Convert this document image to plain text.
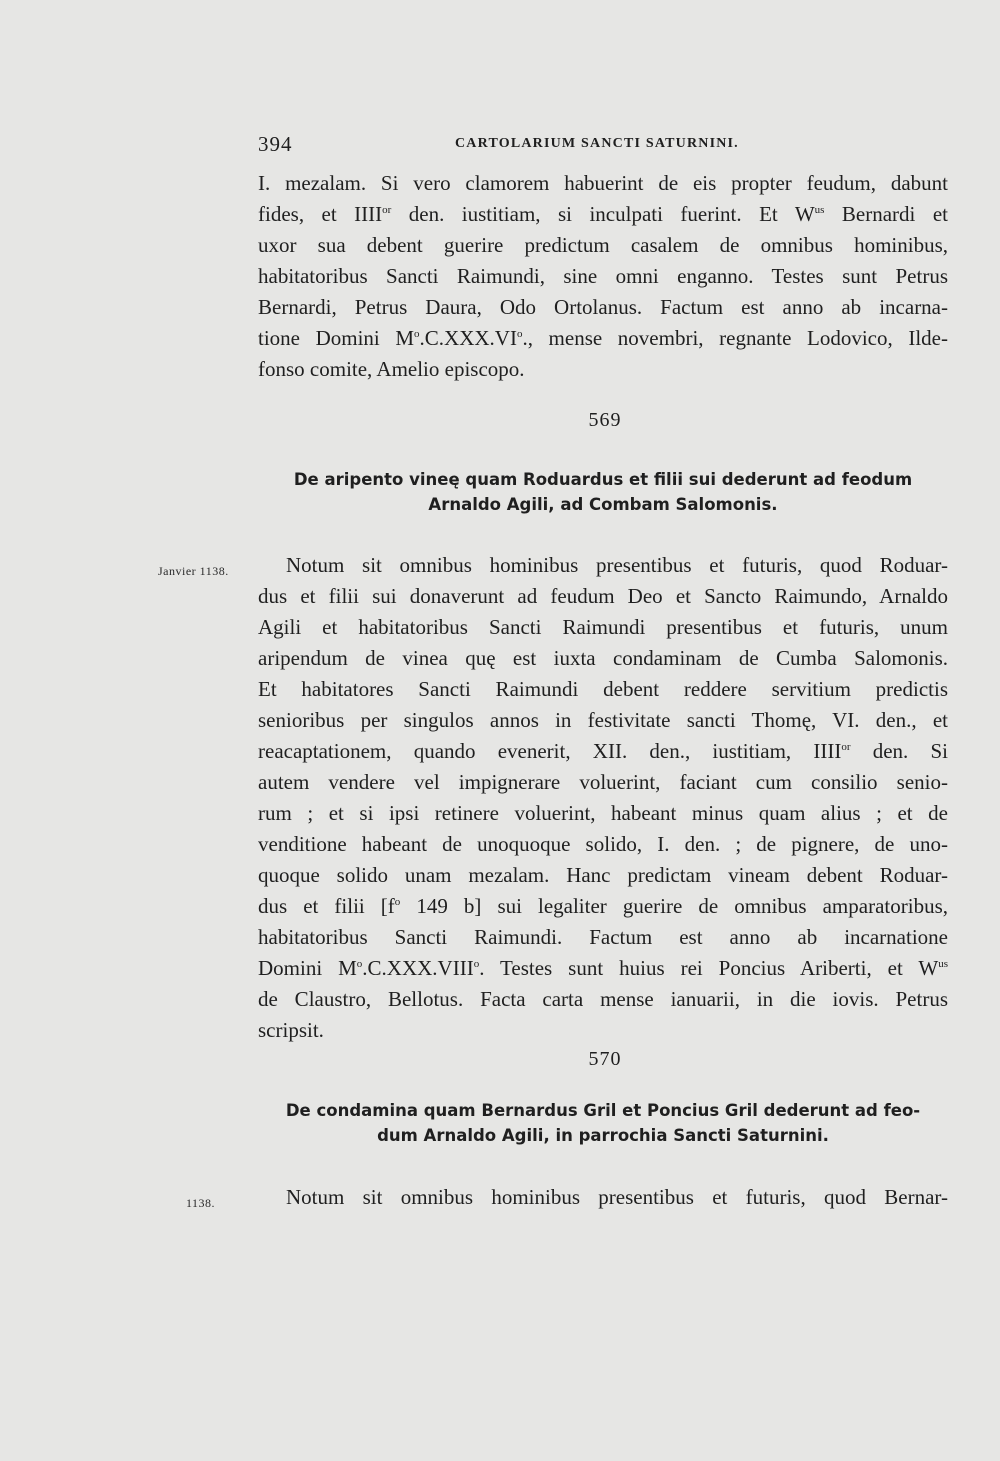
394	CARTOLARIUM SANCTI SATURNINI.
I. mezalam. Si vero clamorem habuerint de eis propter feudum, dabunt
fides, et $IIII^{or}$ den. iustitiam, si inculpati fuerint. Et $W^{us}$ Bernardi et
uxor sua debent guerire predictum casalem de omnibus hominibus,
habitatoribus Sancti Raimundi, sine omni enganno. Testes sunt Petrus
Bernardi, Petrus Daura, Odo Ortolanus. Factum est anno ab incarna-
tione Domini $M^o.C.XXX.VI^o$., mense novembri, regnante Lodovico, Ilde-
fonso comite, Amelio episcopo.
569
De aripento vineę quam Roduardus et filii sui dederunt ad feodum
Arnaldo Agili, ad Combam Salomonis.
Janvier 1138.	Notum sit omnibus hominibus presentibus et futuris, quod Roduar-
dus et filii sui donaverunt ad feudum Deo et Sancto Raimundo, Arnaldo
Agili et habitatoribus Sancti Raimundi presentibus et futuris, unum
aripendum de vinea quę est iuxta condaminam de Cumba Salomonis.
Et habitatores Sancti Raimundi debent reddere servitium predictis
senioribus per singulos annos in festivitate sancti Thomę, VI. den., et
reacaptationem, quando evenerit, XII. den., iustitiam, $IIII^{or}$ den. Si
autem vendere vel impignerare voluerint, faciant cum consilio senio-
rum ; et si ipsi retinere voluerint, habeant minus quam alius ; et de
venditione habeant de unoquoque solido, I. den. ; de pignere, de uno-
quoque solido unam mezalam. Hanc predictam vineam debent Roduar-
dus et filii [$f^o$ 149 b] sui legaliter guerire de omnibus amparatoribus,
habitatoribus Sancti Raimundi. Factum est anno ab incarnatione
Domini $M^o.C.XXX.VIII^o$. Testes sunt huius rei Poncius Ariberti, et $W^{us}$
de Claustro, Bellotus. Facta carta mense ianuarii, in die iovis. Petrus
scripsit.
570
De condamina quam Bernardus Gril et Poncius Gril dederunt ad feo-
dum Arnaldo Agili, in parrochia Sancti Saturnini.
1138.	Notum sit omnibus hominibus presentibus et futuris, quod Bernar-
